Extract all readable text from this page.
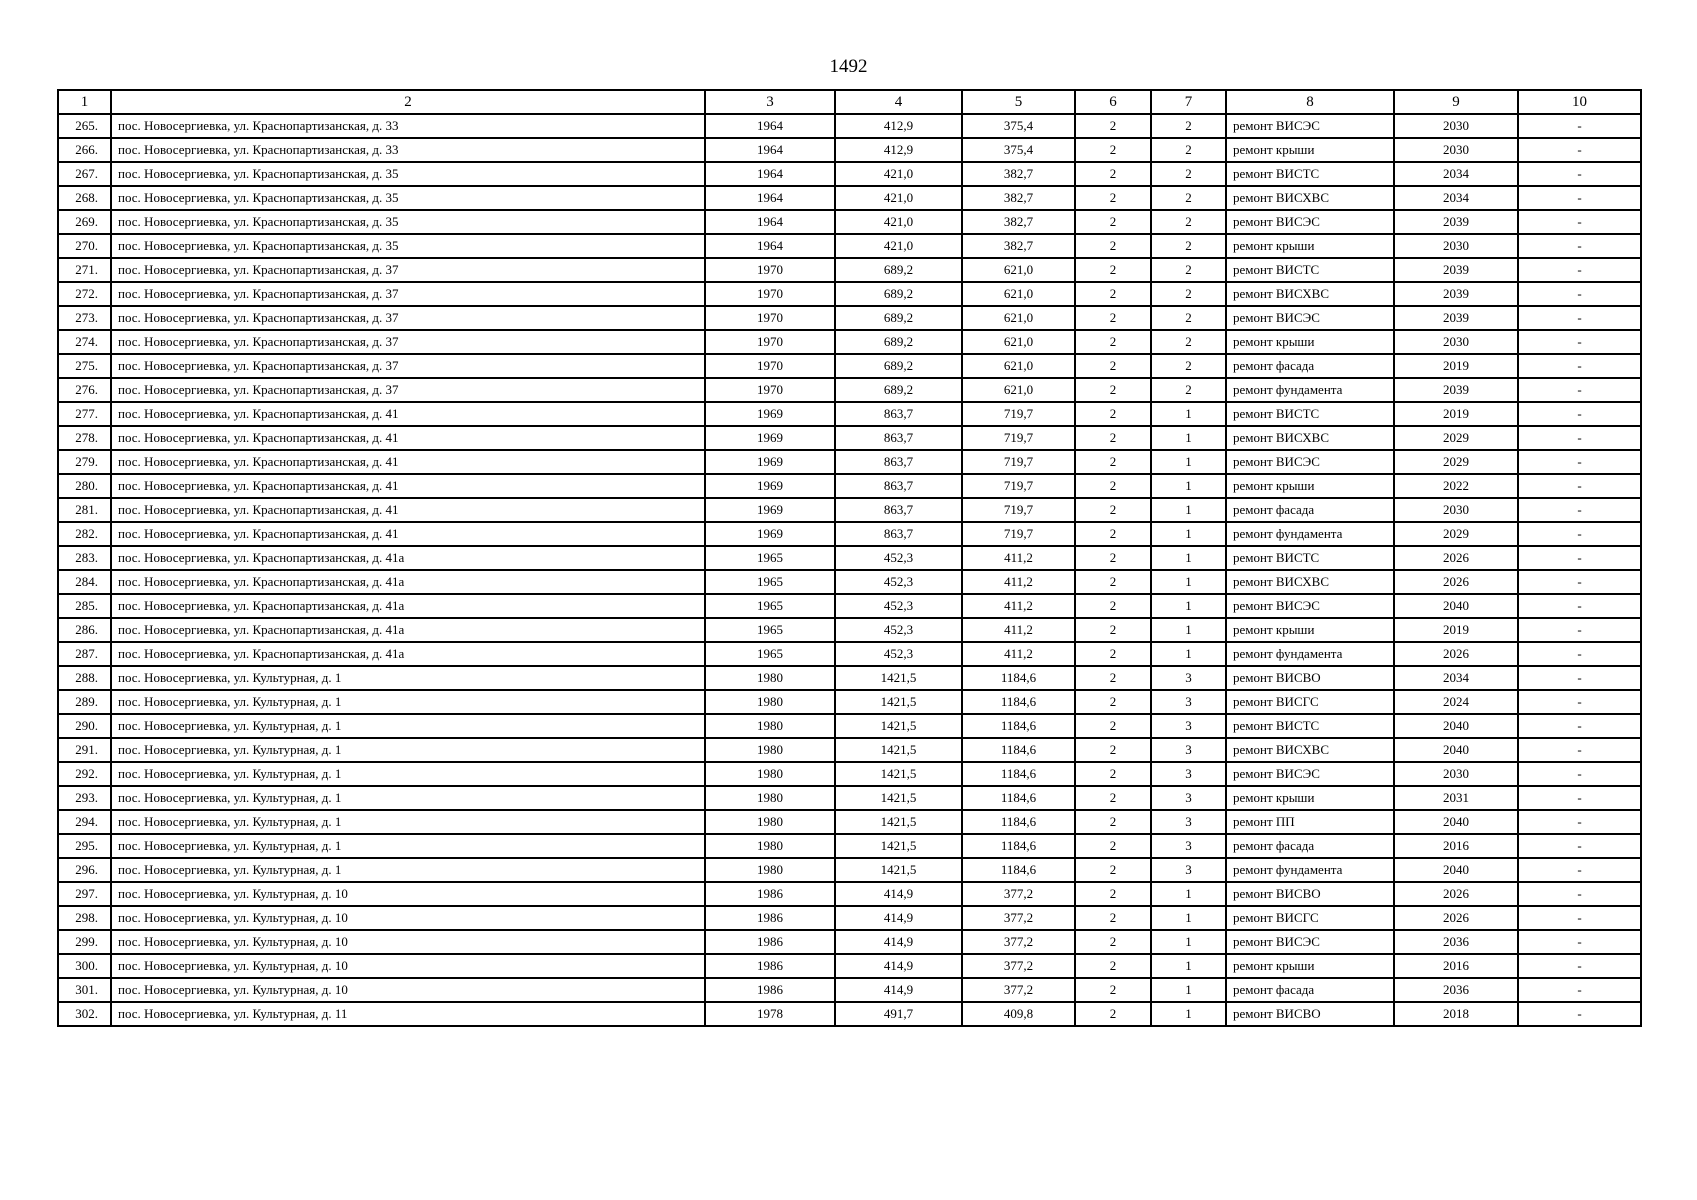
1492
1	2	3	4	5	6	7	8	9	10
265.	пос. Новосергиевка, ул. Краснопартизанская, д. 33	1964	412,9	375,4	2	2	ремонт ВИСЭС	2030	-
266.	пос. Новосергиевка, ул. Краснопартизанская, д. 33	1964	412,9	375,4	2	2	ремонт крыши	2030	-
267.	пос. Новосергиевка, ул. Краснопартизанская, д. 35	1964	421,0	382,7	2	2	ремонт ВИСТС	2034	-
268.	пос. Новосергиевка, ул. Краснопартизанская, д. 35	1964	421,0	382,7	2	2	ремонт ВИСХВС	2034	-
269.	пос. Новосергиевка, ул. Краснопартизанская, д. 35	1964	421,0	382,7	2	2	ремонт ВИСЭС	2039	-
270.	пос. Новосергиевка, ул. Краснопартизанская, д. 35	1964	421,0	382,7	2	2	ремонт крыши	2030	-
271.	пос. Новосергиевка, ул. Краснопартизанская, д. 37	1970	689,2	621,0	2	2	ремонт ВИСТС	2039	-
272.	пос. Новосергиевка, ул. Краснопартизанская, д. 37	1970	689,2	621,0	2	2	ремонт ВИСХВС	2039	-
273.	пос. Новосергиевка, ул. Краснопартизанская, д. 37	1970	689,2	621,0	2	2	ремонт ВИСЭС	2039	-
274.	пос. Новосергиевка, ул. Краснопартизанская, д. 37	1970	689,2	621,0	2	2	ремонт крыши	2030	-
275.	пос. Новосергиевка, ул. Краснопартизанская, д. 37	1970	689,2	621,0	2	2	ремонт фасада	2019	-
276.	пос. Новосергиевка, ул. Краснопартизанская, д. 37	1970	689,2	621,0	2	2	ремонт фундамента	2039	-
277.	пос. Новосергиевка, ул. Краснопартизанская, д. 41	1969	863,7	719,7	2	1	ремонт ВИСТС	2019	-
278.	пос. Новосергиевка, ул. Краснопартизанская, д. 41	1969	863,7	719,7	2	1	ремонт ВИСХВС	2029	-
279.	пос. Новосергиевка, ул. Краснопартизанская, д. 41	1969	863,7	719,7	2	1	ремонт ВИСЭС	2029	-
280.	пос. Новосергиевка, ул. Краснопартизанская, д. 41	1969	863,7	719,7	2	1	ремонт крыши	2022	-
281.	пос. Новосергиевка, ул. Краснопартизанская, д. 41	1969	863,7	719,7	2	1	ремонт фасада	2030	-
282.	пос. Новосергиевка, ул. Краснопартизанская, д. 41	1969	863,7	719,7	2	1	ремонт фундамента	2029	-
283.	пос. Новосергиевка, ул. Краснопартизанская, д. 41а	1965	452,3	411,2	2	1	ремонт ВИСТС	2026	-
284.	пос. Новосергиевка, ул. Краснопартизанская, д. 41а	1965	452,3	411,2	2	1	ремонт ВИСХВС	2026	-
285.	пос. Новосергиевка, ул. Краснопартизанская, д. 41а	1965	452,3	411,2	2	1	ремонт ВИСЭС	2040	-
286.	пос. Новосергиевка, ул. Краснопартизанская, д. 41а	1965	452,3	411,2	2	1	ремонт крыши	2019	-
287.	пос. Новосергиевка, ул. Краснопартизанская, д. 41а	1965	452,3	411,2	2	1	ремонт фундамента	2026	-
288.	пос. Новосергиевка, ул. Культурная, д. 1	1980	1421,5	1184,6	2	3	ремонт ВИСВО	2034	-
289.	пос. Новосергиевка, ул. Культурная, д. 1	1980	1421,5	1184,6	2	3	ремонт ВИСГС	2024	-
290.	пос. Новосергиевка, ул. Культурная, д. 1	1980	1421,5	1184,6	2	3	ремонт ВИСТС	2040	-
291.	пос. Новосергиевка, ул. Культурная, д. 1	1980	1421,5	1184,6	2	3	ремонт ВИСХВС	2040	-
292.	пос. Новосергиевка, ул. Культурная, д. 1	1980	1421,5	1184,6	2	3	ремонт ВИСЭС	2030	-
293.	пос. Новосергиевка, ул. Культурная, д. 1	1980	1421,5	1184,6	2	3	ремонт крыши	2031	-
294.	пос. Новосергиевка, ул. Культурная, д. 1	1980	1421,5	1184,6	2	3	ремонт ПП	2040	-
295.	пос. Новосергиевка, ул. Культурная, д. 1	1980	1421,5	1184,6	2	3	ремонт фасада	2016	-
296.	пос. Новосергиевка, ул. Культурная, д. 1	1980	1421,5	1184,6	2	3	ремонт фундамента	2040	-
297.	пос. Новосергиевка, ул. Культурная, д. 10	1986	414,9	377,2	2	1	ремонт ВИСВО	2026	-
298.	пос. Новосергиевка, ул. Культурная, д. 10	1986	414,9	377,2	2	1	ремонт ВИСГС	2026	-
299.	пос. Новосергиевка, ул. Культурная, д. 10	1986	414,9	377,2	2	1	ремонт ВИСЭС	2036	-
300.	пос. Новосергиевка, ул. Культурная, д. 10	1986	414,9	377,2	2	1	ремонт крыши	2016	-
301.	пос. Новосергиевка, ул. Культурная, д. 10	1986	414,9	377,2	2	1	ремонт фасада	2036	-
302.	пос. Новосергиевка, ул. Культурная, д. 11	1978	491,7	409,8	2	1	ремонт ВИСВО	2018	-
